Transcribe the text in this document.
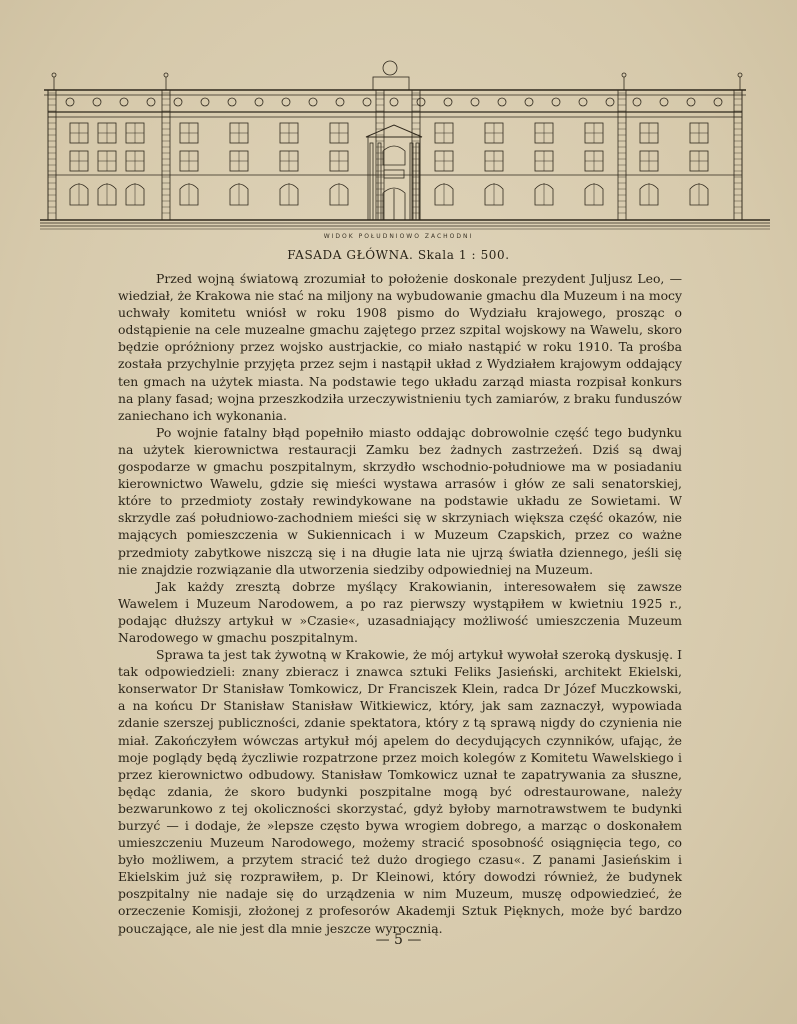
WIDOK POŁUDNIOWO ZACHODNI
FASADA GŁÓWNA. Skala 1 : 500.

Przed wojną światową zrozumiał to położenie doskonale prezydent Juljusz Leo, — wiedział, że Krakowa nie stać na miljony na wybudowanie gmachu dla Muzeum i na mocy uchwały komitetu wniósł w roku 1908 pismo do Wydziału krajowego, prosząc o odstąpienie na cele muzealne gmachu zajętego przez szpital wojskowy na Wawelu, skoro będzie opróżniony przez wojsko austrjackie, co miało nastąpić w roku 1910. Ta prośba została przychylnie przyjęta przez sejm i nastąpił układ z Wydziałem krajowym oddający ten gmach na użytek miasta. Na podstawie tego układu zarząd miasta rozpisał konkurs na plany fasad; wojna przeszkodziła urzeczywistnieniu tych zamiarów, z braku funduszów zaniechano ich wykonania.

Po wojnie fatalny błąd popełniło miasto oddając dobrowolnie część tego budynku na użytek kierownictwa restauracji Zamku bez żadnych zastrzeżeń. Dziś są dwaj gospodarze w gmachu poszpitalnym, skrzydło wschodnio-południowe ma w posiadaniu kierownictwo Wawelu, gdzie się mieści wystawa arrasów i głów ze sali senatorskiej, które to przedmioty zostały rewindykowane na podstawie układu ze Sowietami. W skrzydle zaś południowo-zachodniem mieści się w skrzyniach większa część okazów, nie mających pomieszczenia w Sukiennicach i w Muzeum Czapskich, przez co ważne przedmioty zabytkowe niszczą się i na długie lata nie ujrzą światła dziennego, jeśli się nie znajdzie rozwiązanie dla utworzenia siedziby odpowiedniej na Muzeum.

Jak każdy zresztą dobrze myślący Krakowianin, interesowałem się zawsze Wawelem i Muzeum Narodowem, a po raz pierwszy wystąpiłem w kwietniu 1925 r., podając dłuższy artykuł w »Czasie«, uzasadniający możliwość umieszczenia Muzeum Narodowego w gmachu poszpitalnym.

Sprawa ta jest tak żywotną w Krakowie, że mój artykuł wywołał szeroką dyskusję. I tak odpowiedzieli: znany zbieracz i znawca sztuki Feliks Jasieński, architekt Ekielski, konserwator Dr Stanisław Tomkowicz, Dr Franciszek Klein, radca Dr Józef Muczkowski, a na końcu Dr Stanisław Stanisław Witkiewicz, który, jak sam zaznaczył, wypowiada zdanie szerszej publiczności, zdanie spektatora, który z tą sprawą nigdy do czynienia nie miał. Zakończyłem wówczas artykuł mój apelem do decydujących czynników, ufając, że moje poglądy będą życzliwie rozpatrzone przez moich kolegów z Komitetu Wawelskiego i przez kierownictwo odbudowy. Stanisław Tomkowicz uznał te zapatrywania za słuszne, będąc zdania, że skoro budynki poszpitalne mogą być odrestaurowane, należy bezwarunkowo z tej okoliczności skorzystać, gdyż byłoby marnotrawstwem te budynki burzyć — i dodaje, że »lepsze często bywa wrogiem dobrego, a marząc o doskonałem umieszczeniu Muzeum Narodowego, możemy stracić sposobność osiągnięcia tego, co było możliwem, a przytem stracić też dużo drogiego czasu«. Z panami Jasieńskim i Ekielskim już się rozprawiłem, p. Dr Kleinowi, który dowodzi również, że budynek poszpitalny nie nadaje się do urządzenia w nim Muzeum, muszę odpowiedzieć, że orzeczenie Komisji, złożonej z profesorów Akademji Sztuk Pięknych, może być bardzo pouczające, ale nie jest dla mnie jeszcze wyrocznią.

— 5 —
